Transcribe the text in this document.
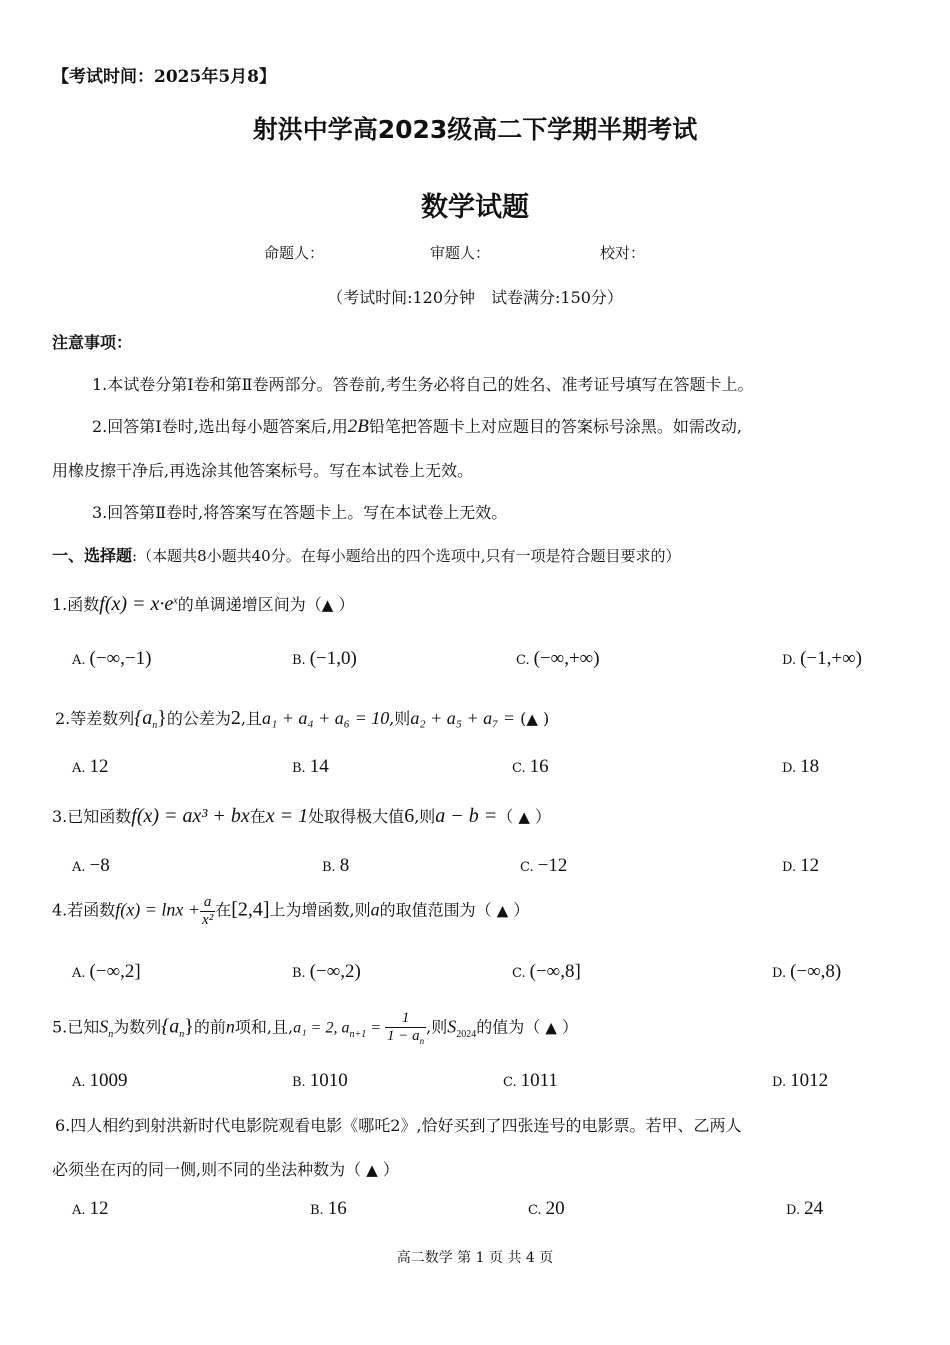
【考试时间：2025年5月8】
射洪中学高2023级高二下学期半期考试
数学试题
命题人：	审题人：	校对：
（考试时间:120分钟　试卷满分:150分）
注意事项：
1.本试卷分第Ⅰ卷和第Ⅱ卷两部分。答卷前,考生务必将自己的姓名、准考证号填写在答题卡上。
2.回答第Ⅰ卷时,选出每小题答案后,用2B铅笔把答题卡上对应题目的答案标号涂黑。如需改动,
用橡皮擦干净后,再选涂其他答案标号。写在本试卷上无效。
3.回答第Ⅱ卷时,将答案写在答题卡上。写在本试卷上无效。
一、选择题:（本题共8小题共40分。在每小题给出的四个选项中,只有一项是符合题目要求的）
1.函数$f(x) = x\cdot e^x$的单调递增区间为（▲ ）
A. (−∞,−1)	B. (−1,0)	C. (−∞,+∞)	D. (−1,+∞)
2.等差数列$\{a_n\}$的公差为2,且a₁ + a₄ + a₆ = 10,则a₂ + a₅ + a₇ = (▲ )
A. 12	B. 14	C. 16	D. 18
3.已知函数f(x) = ax³ + bx在x = 1处取得极大值6,则a − b =（ ▲ ）
A. −8	B. 8	C. −12	D. 12
4.若函数$f(x) = \ln x + \frac{a}{\text{x²}}$ 在[2,4]上为增函数,则a的取值范围为（ ▲ ）
A. (−∞,2]	B. (−∞,2)	C. (−∞,8]	D. (−∞,8)
5.已知$S_n$为数列$\{a_n\}$的前n项和,且,a₁ = 2, $a_{n+1} = \frac{1}{1 - a_n}$ ,则$S_{2024}$的值为（ ▲ ）
A. 1009	B. 1010	C. 1011	D. 1012
6.四人相约到射洪新时代电影院观看电影《哪吒2》,恰好买到了四张连号的电影票。若甲、乙两人
必须坐在丙的同一侧,则不同的坐法种数为（ ▲ ）
A. 12	B. 16	C. 20	D. 24
高二数学 第 1 页 共 4 页
